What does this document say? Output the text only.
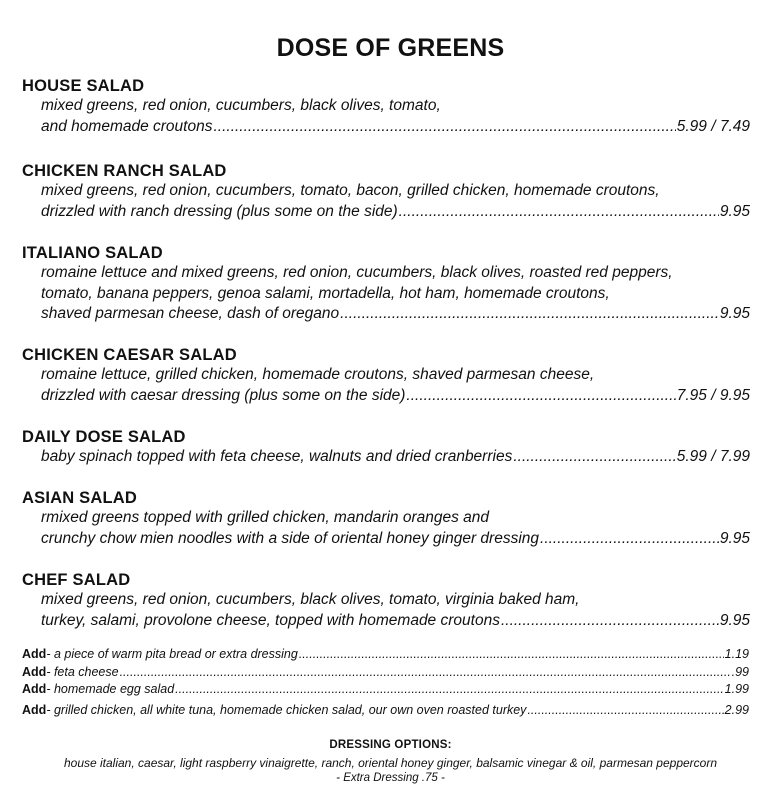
DOSE OF GREENS
HOUSE SALAD
mixed greens, red onion, cucumbers, black olives, tomato,
and homemade croutons .....	5.99 / 7.49
CHICKEN RANCH SALAD
mixed greens, red onion, cucumbers, tomato, bacon, grilled chicken, homemade croutons,
drizzled with ranch dressing (plus some on the side) .....	9.95
ITALIANO SALAD
romaine lettuce and mixed greens, red onion, cucumbers, black olives, roasted red peppers,
tomato, banana peppers, genoa salami, mortadella, hot ham, homemade croutons,
shaved parmesan cheese, dash of oregano .....	9.95
CHICKEN CAESAR SALAD
romaine lettuce, grilled chicken, homemade croutons, shaved parmesan cheese,
drizzled with caesar dressing (plus some on the side) .....	7.95 / 9.95
DAILY DOSE SALAD
baby spinach topped with feta cheese, walnuts and dried cranberries .....	5.99 / 7.99
ASIAN SALAD
rmixed greens topped with grilled chicken, mandarin oranges and
crunchy chow mien noodles with a side of oriental honey ginger dressing .....	9.95
CHEF SALAD
mixed greens, red onion, cucumbers, black olives, tomato, virginia baked ham,
turkey, salami, provolone cheese, topped with homemade croutons .....	9.95
Add - a piece of warm pita bread or extra dressing .....	1.19
Add - feta cheese .....	.99
Add - homemade egg salad .....	1.99
Add - grilled chicken, all white tuna, homemade chicken salad, our own oven roasted turkey .....	2.99
DRESSING OPTIONS:
house italian, caesar, light raspberry vinaigrette, ranch, oriental honey ginger, balsamic vinegar & oil, parmesan peppercorn
- Extra Dressing .75 -
